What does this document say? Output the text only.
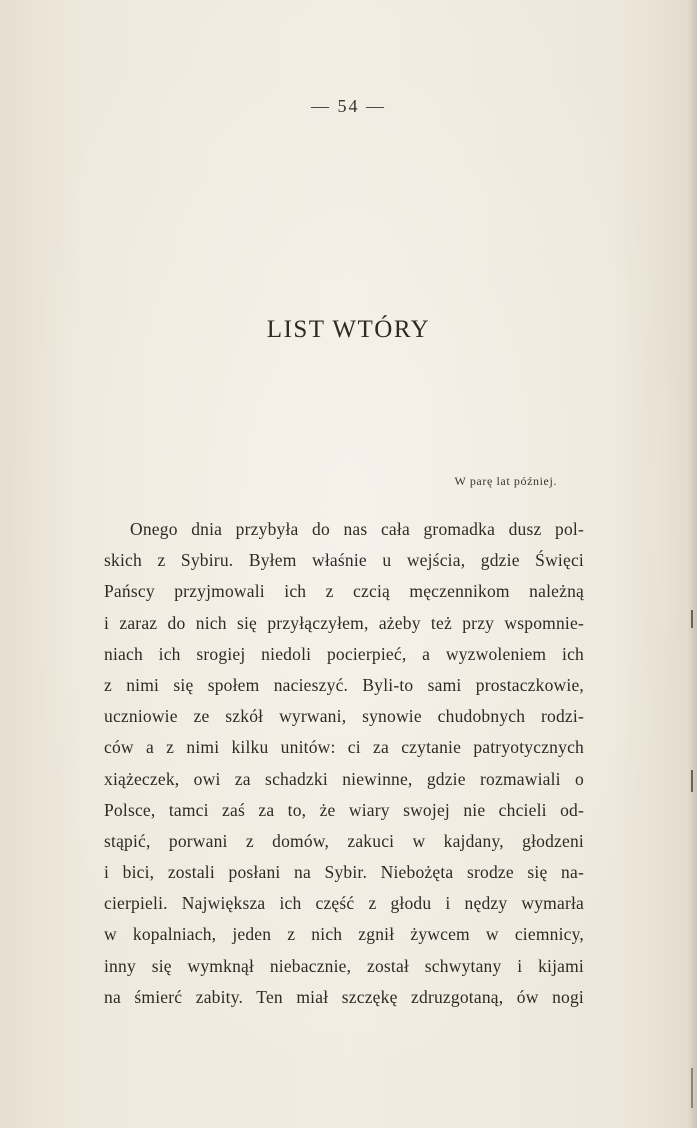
— 54 —
LIST WTÓRY
W parę lat później.
Onego dnia przybyła do nas cała gromadka dusz pol-
skich z Sybiru. Byłem właśnie u wejścia, gdzie Święci
Pańscy przyjmowali ich z czcią męczennikom należną
i zaraz do nich się przyłączyłem, ażeby też przy wspomnie-
niach ich srogiej niedoli pocierpieć, a wyzwoleniem ich
z nimi się społem nacieszyć. Byli-to sami prostaczkowie,
uczniowie ze szkół wyrwani, synowie chudobnych rodzi-
ców a z nimi kilku unitów: ci za czytanie patryotycznych
xiążeczek, owi za schadzki niewinne, gdzie rozmawiali o
Polsce, tamci zaś za to, że wiary swojej nie chcieli od-
stąpić, porwani z domów, zakuci w kajdany, głodzeni
i bici, zostali posłani na Sybir. Niebożęta srodze się na-
cierpieli. Największa ich część z głodu i nędzy wymarła
w kopalniach, jeden z nich zgnił żywcem w ciemnicy,
inny się wymknął niebacznie, został schwytany i kijami
na śmierć zabity. Ten miał szczękę zdruzgotaną, ów nogi
